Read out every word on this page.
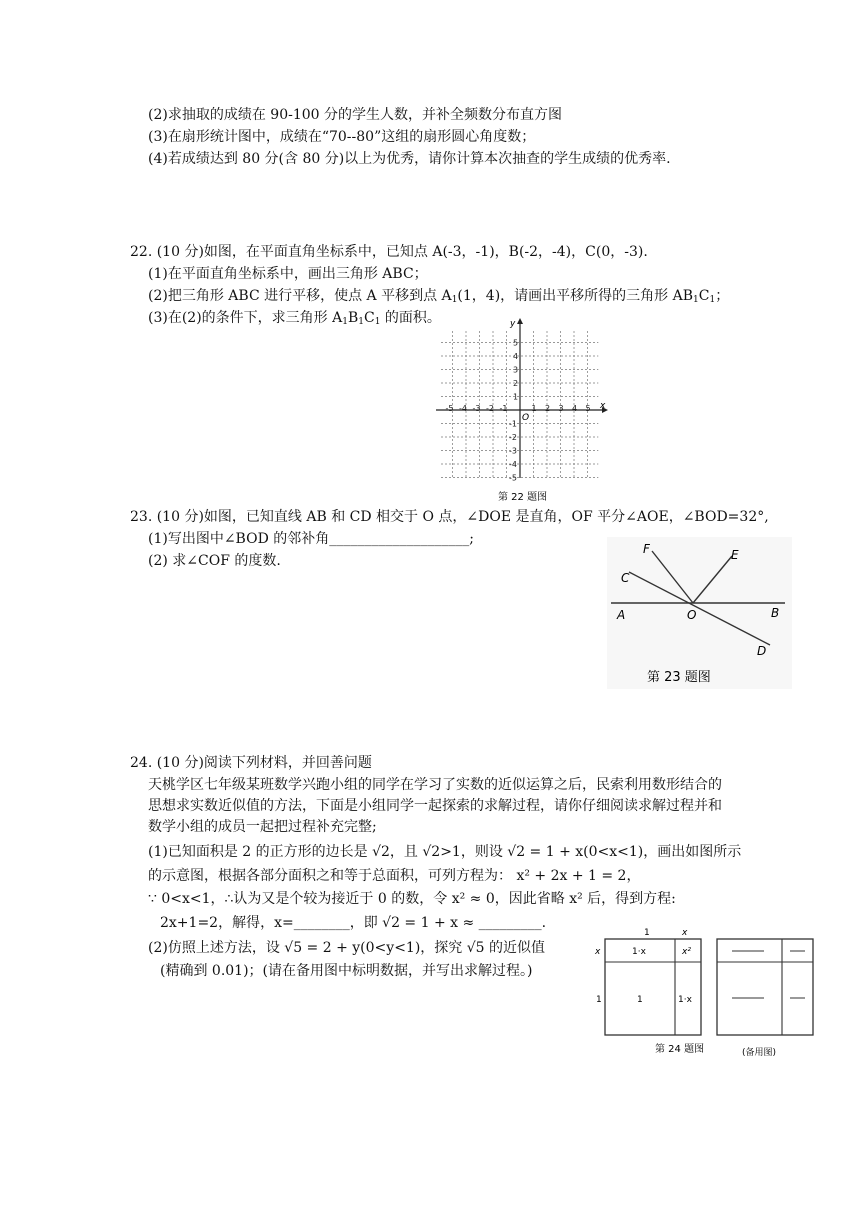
(2)求抽取的成绩在 90-100 分的学生人数，并补全频数分布直方图
(3)在扇形统计图中，成绩在“70--80”这组的扇形圆心角度数；
(4)若成绩达到 80 分(含 80 分)以上为优秀，请你计算本次抽查的学生成绩的优秀率.
22. (10 分)如图，在平面直角坐标系中，已知点 A(-3，-1)，B(-2，-4)，C(0，-3).
(1)在平面直角坐标系中，画出三角形 ABC；
(2)把三角形 ABC 进行平移，使点 A 平移到点 $A_1(1$，4)，请画出平移所得的三角形 $AB_1C_1$；
(3)在(2)的条件下，求三角形 $A_1B_1C_1$ 的面积。	y
x
O
-5 -4 -3 -2 -1	1 2 3 4 5
5
4
3
2
1
-1
-2
-3
-4
-5
第 22 题图
23. (10 分)如图，已知直线 AB 和 CD 相交于 O 点，∠DOE 是直角，OF 平分∠AOE，∠BOD=32°,
(1)写出图中∠BOD 的邻补角____________________;
(2) 求∠COF 的度数.
F	E
C
A	O	B
D
第 23 题图
24. (10 分)阅读下列材料，并回善问题
天桃学区七年级某班数学兴跑小组的同学在学习了实数的近似运算之后，民索利用数形结合的
思想求实数近似值的方法，下面是小组同学一起探索的求解过程，请你仔细阅读求解过程并和
数学小组的成员一起把过程补充完整;
(1)已知面积是 2 的正方形的边长是 √2，且 √2>1，则设 √2 = 1 + x(0<x<1)，画出如图所示
的示意图，根据各部分面积之和等于总面积，可列方程为： x² + 2x + 1 = 2，
∵ 0<x<1，∴认为又是个较为接近于 0 的数，令 x² ≈ 0，因此省略 x² 后，得到方程:
2x+1=2，解得，x=________，即 √2 = 1 + x ≈ _________.
(2)仿照上述方法，设 √5 = 2 + y(0<y<1)，探究 √5 的近似值
(精确到 0.01)；(请在备用图中标明数据，并写出求解过程。)
1	x
x
1
1·x	x²
1	1·x
第 24 题图	(备用图)
